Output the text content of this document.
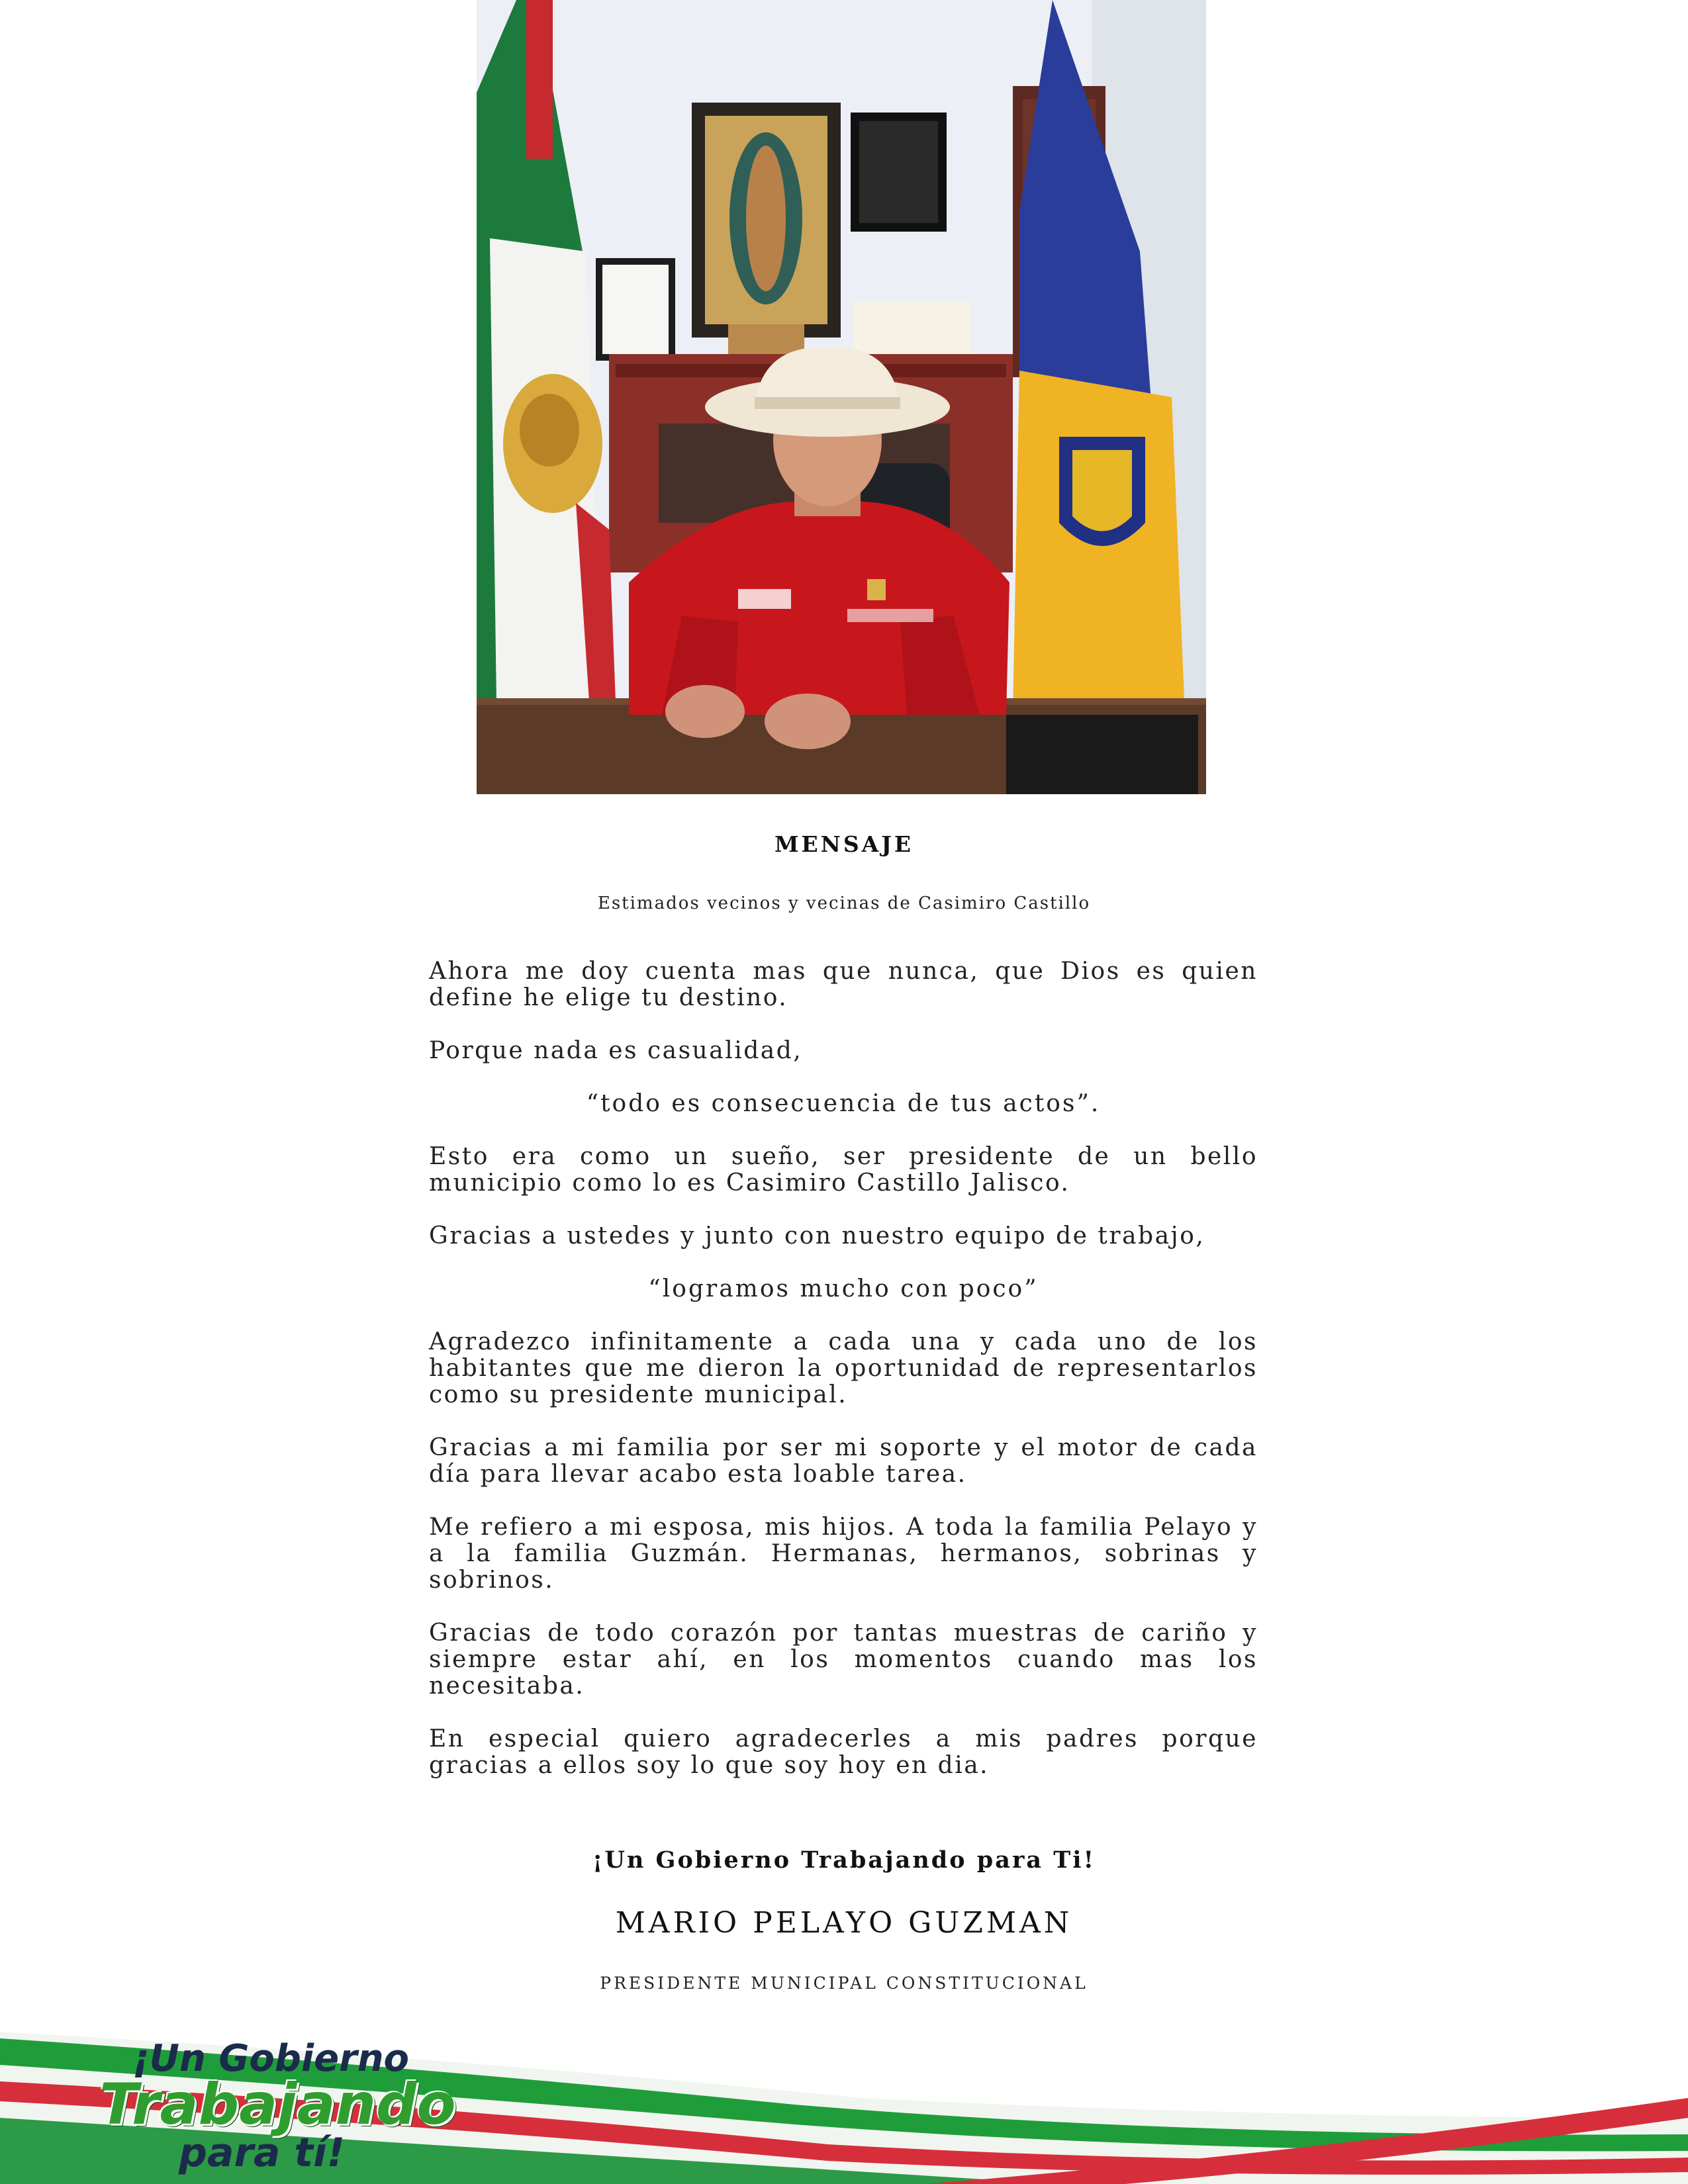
MENSAJE
Estimados vecinos y vecinas de Casimiro Castillo

Ahora me doy cuenta mas que nunca, que Dios es quien define he elige tu destino.

Porque nada es casualidad,

“todo es consecuencia de tus actos”.

Esto era como un sueño, ser presidente de un bello municipio como lo es Casimiro Castillo Jalisco.

Gracias a ustedes y junto con nuestro equipo de trabajo,

“logramos mucho con poco”

Agradezco infinitamente a cada una y cada uno de los habitantes que me dieron la oportunidad de representarlos como su presidente municipal.

Gracias a mi familia por ser mi soporte y el motor de cada día para llevar acabo esta loable tarea.

Me refiero a mi esposa, mis hijos. A toda la familia Pelayo y a la familia Guzmán. Hermanas, hermanos, sobrinas y sobrinos.

Gracias de todo corazón por tantas muestras de cariño y siempre estar ahí, en los momentos cuando mas los necesitaba.

En especial quiero agradecerles a mis padres porque gracias a ellos soy lo que soy hoy en dia.

¡Un Gobierno Trabajando para Ti!
MARIO PELAYO GUZMAN
PRESIDENTE MUNICIPAL CONSTITUCIONAL
¡Un Gobierno
Trabajando
para tí!
